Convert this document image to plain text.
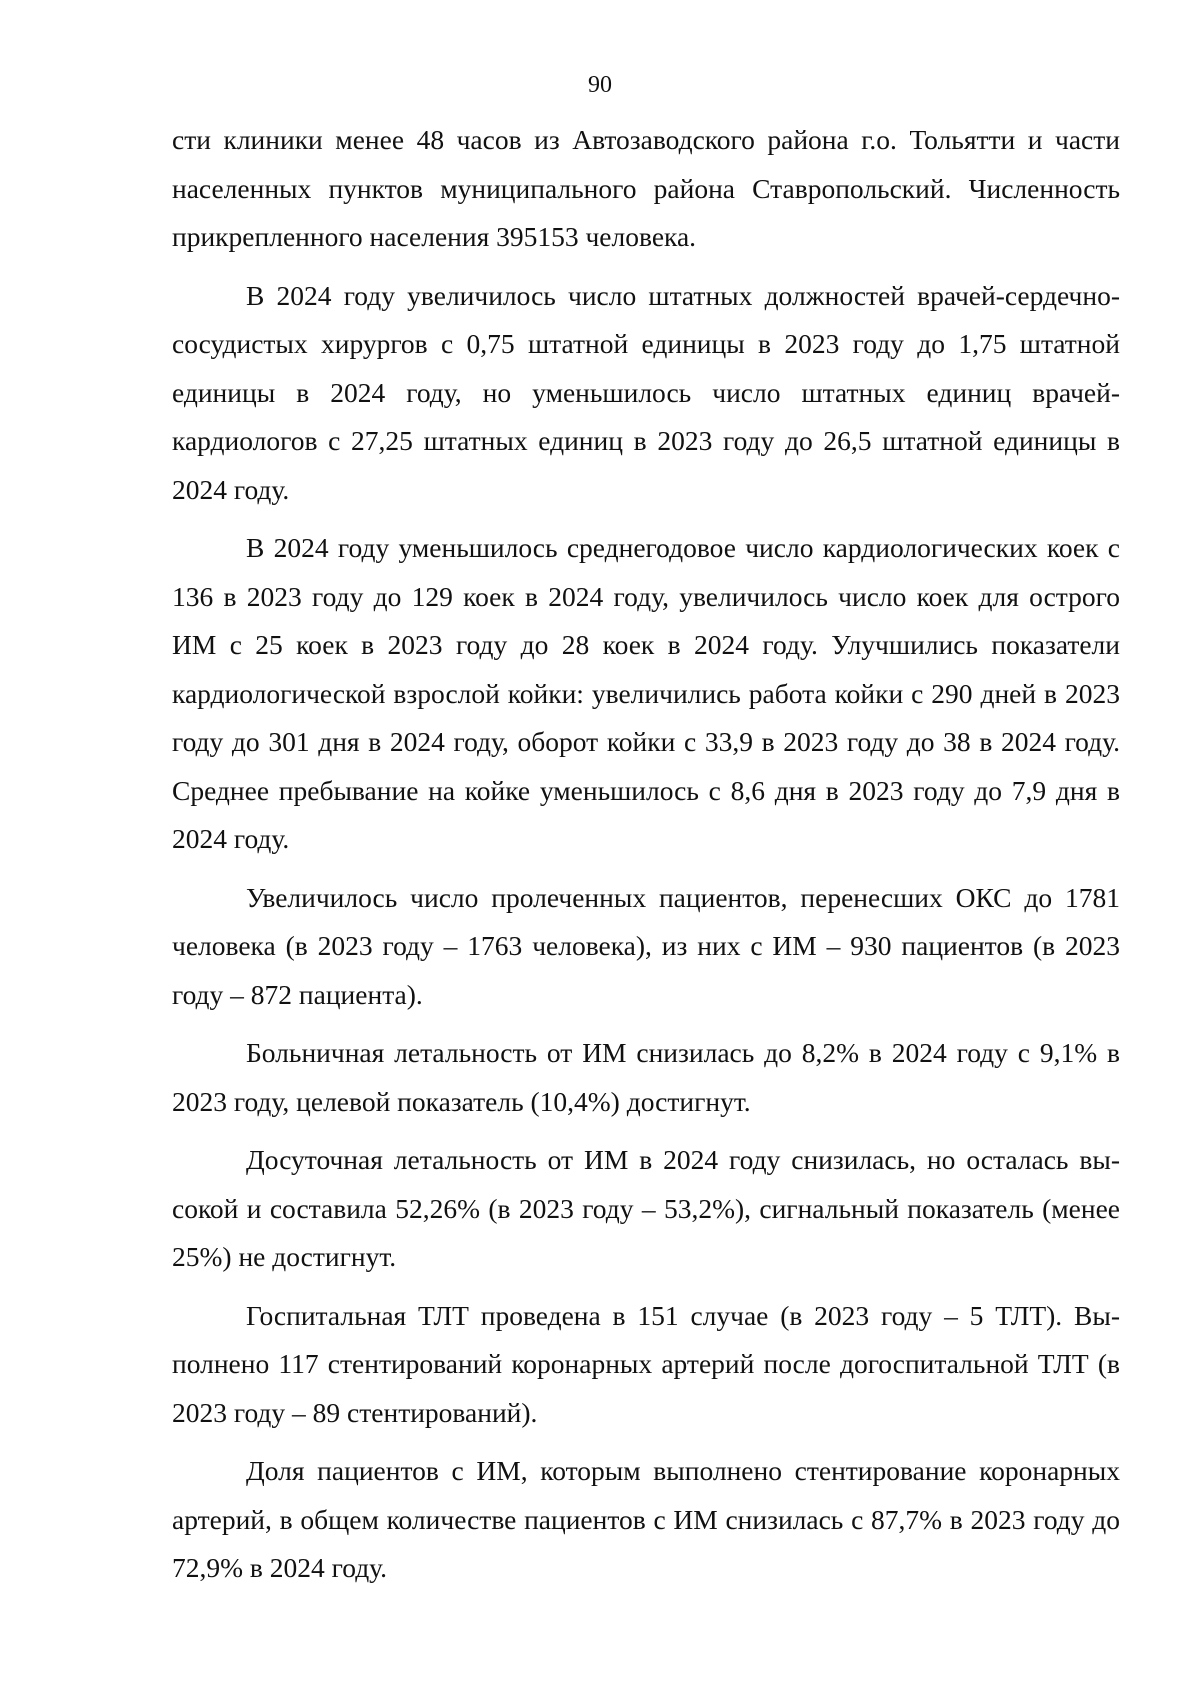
90

сти клиники менее 48 часов из Автозаводского района г.о. Тольятти и части населенных пунктов муниципального района Ставропольский. Численность прикрепленного населения 395153 человека.

В 2024 году увеличилось число штатных должностей врачей-сердечно-сосудистых хирургов с 0,75 штатной единицы в 2023 году до 1,75 штатной единицы в 2024 году, но уменьшилось число штатных единиц врачей-кардиологов с 27,25 штатных единиц в 2023 году до 26,5 штатной единицы в 2024 году.

В 2024 году уменьшилось среднегодовое число кардиологических коек с 136 в 2023 году до 129 коек в 2024 году, увеличилось число коек для острого ИМ с 25 коек в 2023 году до 28 коек в 2024 году. Улучшились показатели кардиологической взрослой койки: увеличились работа койки с 290 дней в 2023 году до 301 дня в 2024 году, оборот койки с 33,9 в 2023 году до 38 в 2024 году. Среднее пребывание на койке уменьшилось с 8,6 дня в 2023 году до 7,9 дня в 2024 году.

Увеличилось число пролеченных пациентов, перенесших ОКС до 1781 человека (в 2023 году – 1763 человека), из них с ИМ – 930 пациентов (в 2023 году – 872 пациента).

Больничная летальность от ИМ снизилась до 8,2% в 2024 году с 9,1% в 2023 году, целевой показатель (10,4%) достигнут.

Досуточная летальность от ИМ в 2024 году снизилась, но осталась высокой и составила 52,26% (в 2023 году – 53,2%), сигнальный показатель (менее 25%) не достигнут.

Госпитальная ТЛТ проведена в 151 случае (в 2023 году – 5 ТЛТ). Выполнено 117 стентирований коронарных артерий после догоспитальной ТЛТ (в 2023 году – 89 стентирований).

Доля пациентов с ИМ, которым выполнено стентирование коронарных артерий, в общем количестве пациентов с ИМ снизилась с 87,7% в 2023 году до 72,9% в 2024 году.
